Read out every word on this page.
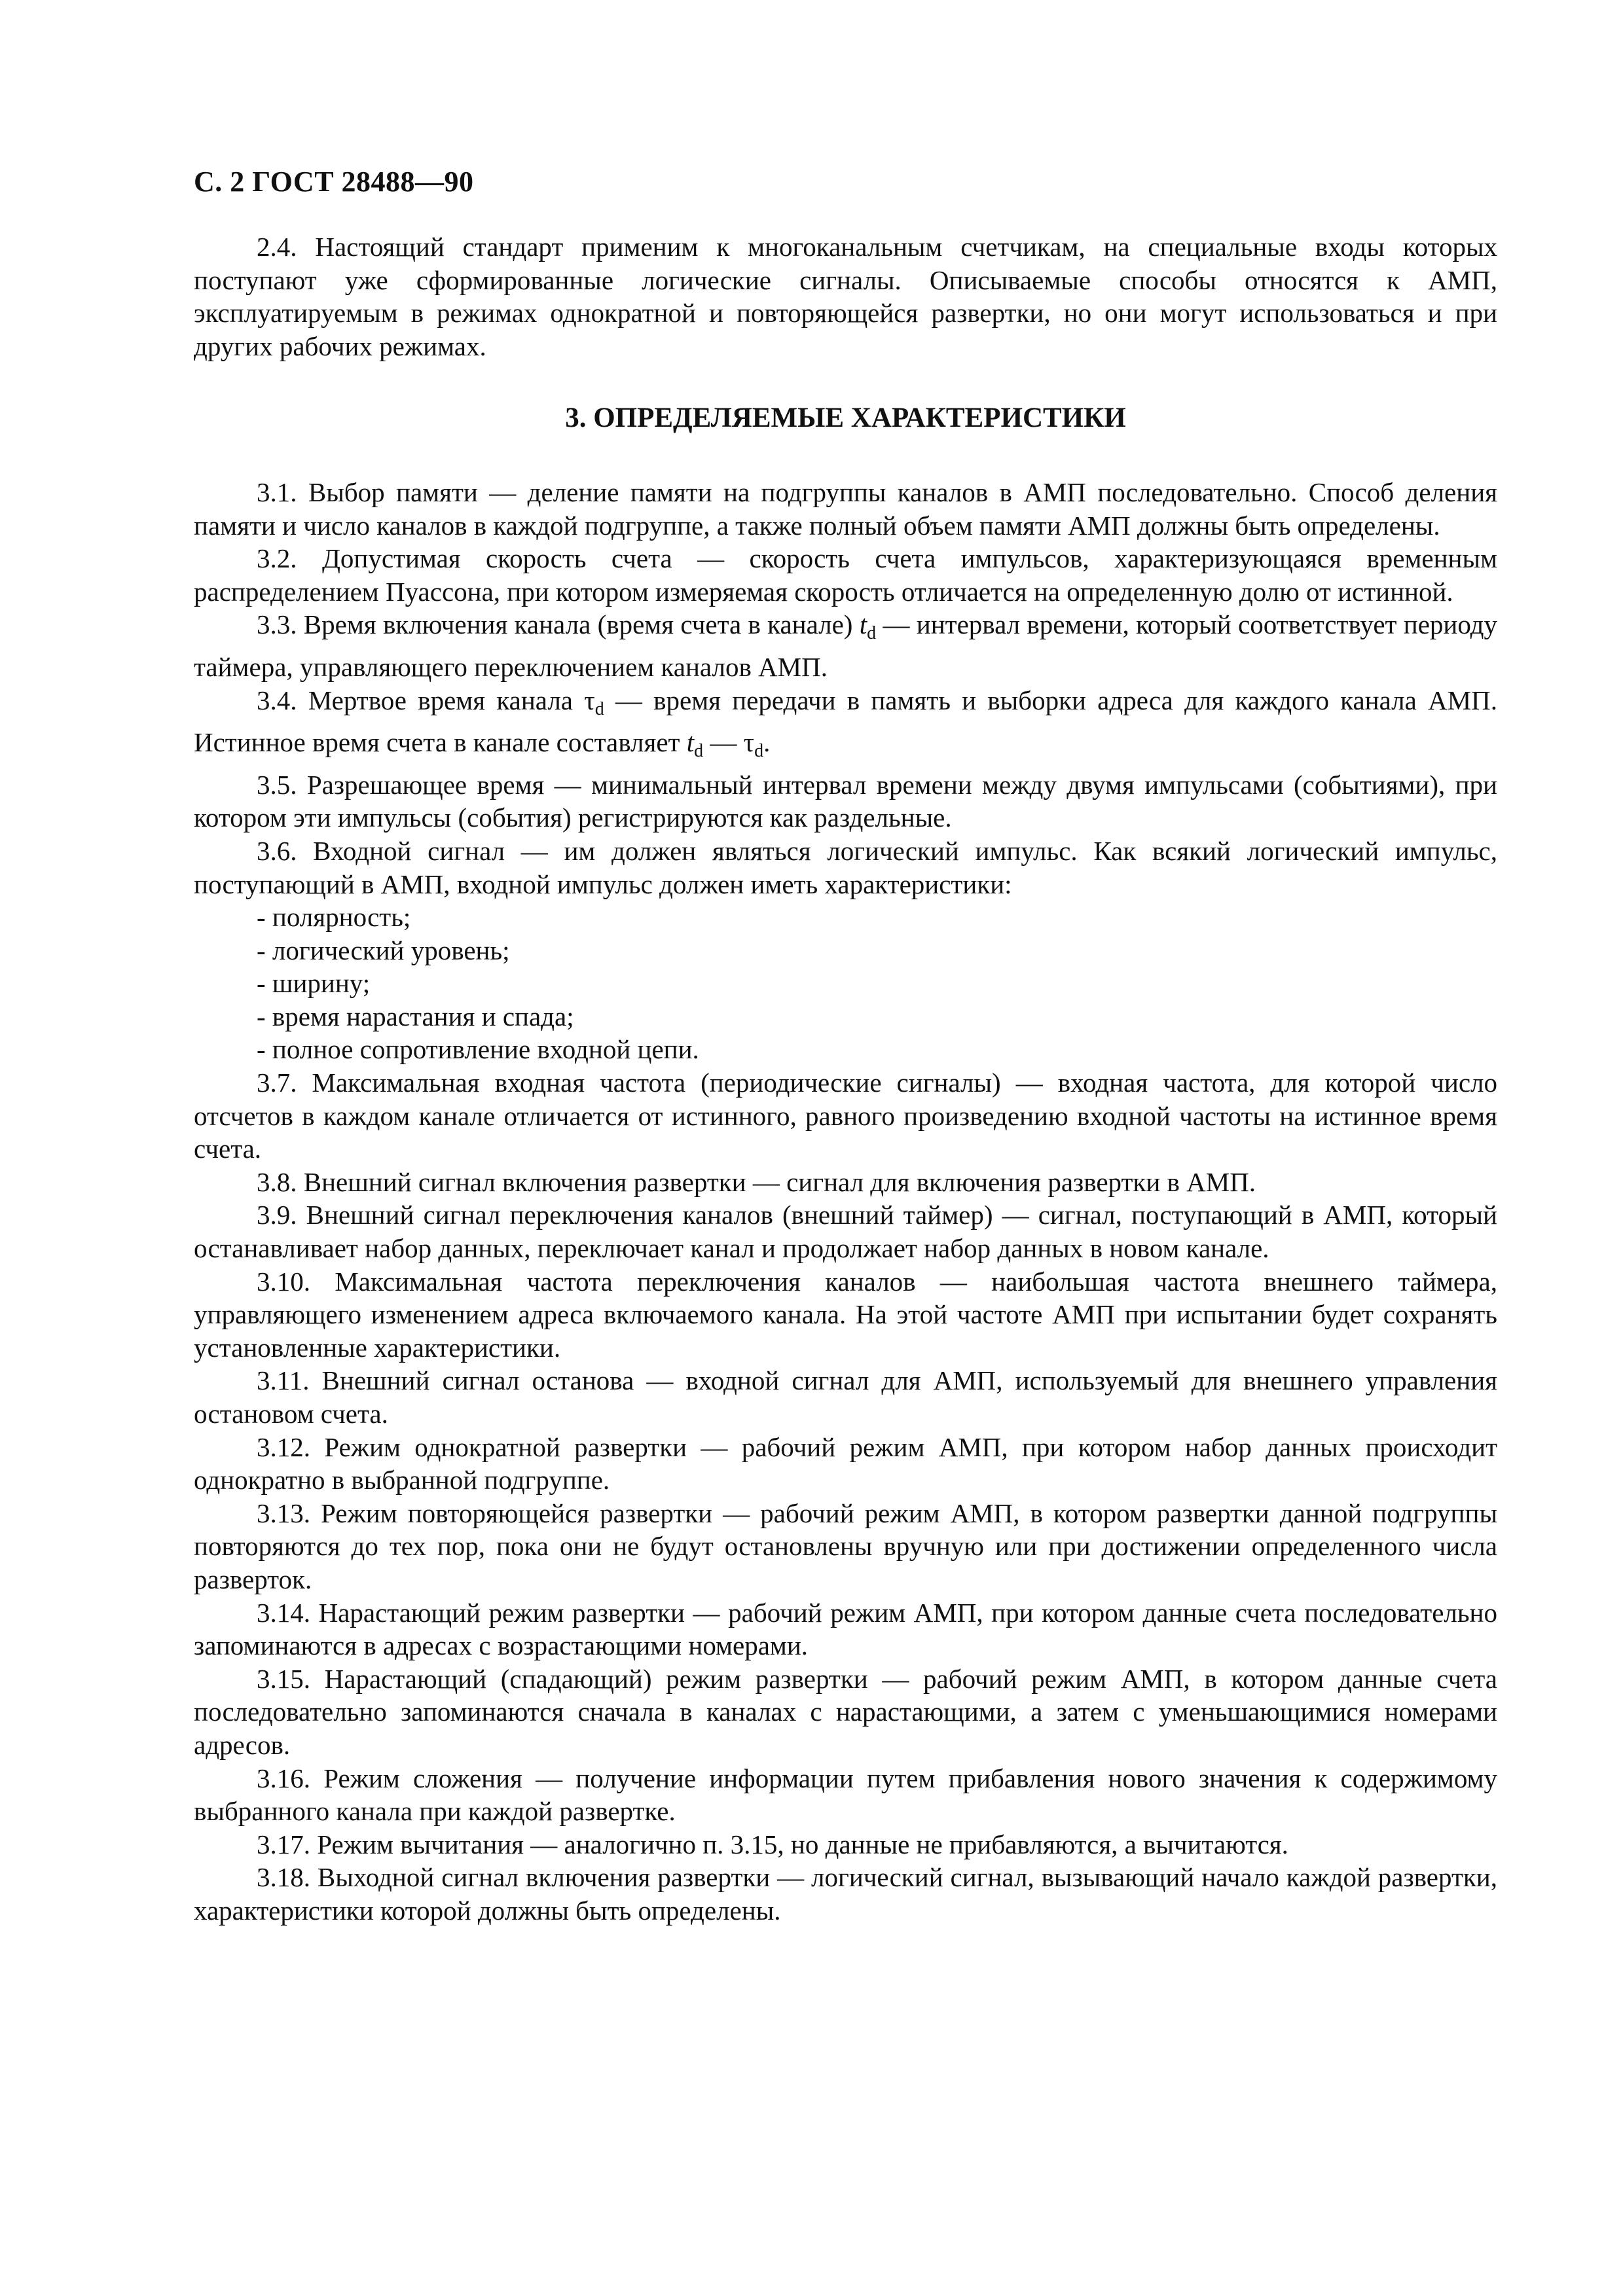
С. 2 ГОСТ 28488—90

2.4. Настоящий стандарт применим к многоканальным счетчикам, на специальные входы которых поступают уже сформированные логические сигналы. Описываемые способы относятся к АМП, эксплуатируемым в режимах однократной и повторяющейся развертки, но они могут использоваться и при других рабочих режимах.

3. ОПРЕДЕЛЯЕМЫЕ ХАРАКТЕРИСТИКИ

3.1. Выбор памяти — деление памяти на подгруппы каналов в АМП последовательно. Способ деления памяти и число каналов в каждой подгруппе, а также полный объем памяти АМП должны быть определены.

3.2. Допустимая скорость счета — скорость счета импульсов, характеризующаяся временным распределением Пуассона, при котором измеряемая скорость отличается на определенную долю от истинной.

3.3. Время включения канала (время счета в канале) $t_d$ — интервал времени, который соответствует периоду таймера, управляющего переключением каналов АМП.

3.4. Мертвое время канала $\tau_d$ — время передачи в память и выборки адреса для каждого канала АМП. Истинное время счета в канале составляет $t_d$ — $\tau_d$.

3.5. Разрешающее время — минимальный интервал времени между двумя импульсами (событиями), при котором эти импульсы (события) регистрируются как раздельные.

3.6. Входной сигнал — им должен являться логический импульс. Как всякий логический импульс, поступающий в АМП, входной импульс должен иметь характеристики:

- полярность;
- логический уровень;
- ширину;
- время нарастания и спада;
- полное сопротивление входной цепи.

3.7. Максимальная входная частота (периодические сигналы) — входная частота, для которой число отсчетов в каждом канале отличается от истинного, равного произведению входной частоты на истинное время счета.

3.8. Внешний сигнал включения развертки — сигнал для включения развертки в АМП.

3.9. Внешний сигнал переключения каналов (внешний таймер) — сигнал, поступающий в АМП, который останавливает набор данных, переключает канал и продолжает набор данных в новом канале.

3.10. Максимальная частота переключения каналов — наибольшая частота внешнего таймера, управляющего изменением адреса включаемого канала. На этой частоте АМП при испытании будет сохранять установленные характеристики.

3.11. Внешний сигнал останова — входной сигнал для АМП, используемый для внешнего управления остановом счета.

3.12. Режим однократной развертки — рабочий режим АМП, при котором набор данных происходит однократно в выбранной подгруппе.

3.13. Режим повторяющейся развертки — рабочий режим АМП, в котором развертки данной подгруппы повторяются до тех пор, пока они не будут остановлены вручную или при достижении определенного числа разверток.

3.14. Нарастающий режим развертки — рабочий режим АМП, при котором данные счета последовательно запоминаются в адресах с возрастающими номерами.

3.15. Нарастающий (спадающий) режим развертки — рабочий режим АМП, в котором данные счета последовательно запоминаются сначала в каналах с нарастающими, а затем с уменьшающимися номерами адресов.

3.16. Режим сложения — получение информации путем прибавления нового значения к содержимому выбранного канала при каждой развертке.

3.17. Режим вычитания — аналогично п. 3.15, но данные не прибавляются, а вычитаются.

3.18. Выходной сигнал включения развертки — логический сигнал, вызывающий начало каждой развертки, характеристики которой должны быть определены.
